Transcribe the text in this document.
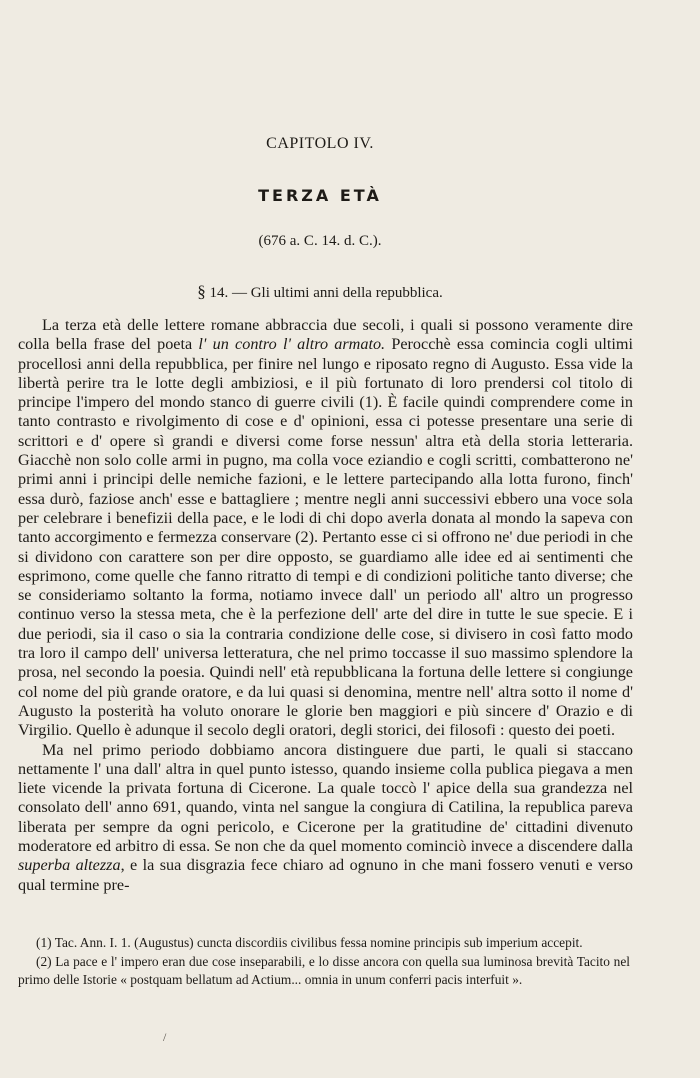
CAPITOLO IV.
TERZA ETÀ
(676 a. C. 14. d. C.).
§ 14. — Gli ultimi anni della repubblica.

La terza età delle lettere romane abbraccia due secoli, i quali si possono veramente dire colla bella frase del poeta l' un contro l' altro armato. Perocchè essa comincia cogli ultimi procellosi anni della repubblica, per finire nel lungo e riposato regno di Augusto. Essa vide la libertà perire tra le lotte degli ambiziosi, e il più fortunato di loro prendersi col titolo di principe l'impero del mondo stanco di guerre civili (1). È facile quindi comprendere come in tanto contrasto e rivolgimento di cose e d' opinioni, essa ci potesse presentare una serie di scrittori e d' opere sì grandi e diversi come forse nessun' altra età della storia letteraria. Giacchè non solo colle armi in pugno, ma colla voce eziandio e cogli scritti, combatterono ne' primi anni i principi delle nemiche fazioni, e le lettere partecipando alla lotta furono, finch' essa durò, faziose anch' esse e battagliere ; mentre negli anni successivi ebbero una voce sola per celebrare i benefizii della pace, e le lodi di chi dopo averla donata al mondo la sapeva con tanto accorgimento e fermezza conservare (2). Pertanto esse ci si offrono ne' due periodi in che si dividono con carattere son per dire opposto, se guardiamo alle idee ed ai sentimenti che esprimono, come quelle che fanno ritratto di tempi e di condizioni politiche tanto diverse; che se consideriamo soltanto la forma, notiamo invece dall' un periodo all' altro un progresso continuo verso la stessa meta, che è la perfezione dell' arte del dire in tutte le sue specie. E i due periodi, sia il caso o sia la contraria condizione delle cose, si divisero in così fatto modo tra loro il campo dell' universa letteratura, che nel primo toccasse il suo massimo splendore la prosa, nel secondo la poesia. Quindi nell' età repubblicana la fortuna delle lettere si congiunge col nome del più grande oratore, e da lui quasi si denomina, mentre nell' altra sotto il nome d' Augusto la posterità ha voluto onorare le glorie ben maggiori e più sincere d' Orazio e di Virgilio. Quello è adunque il secolo degli oratori, degli storici, dei filosofi : questo dei poeti.

Ma nel primo periodo dobbiamo ancora distinguere due parti, le quali si staccano nettamente l' una dall' altra in quel punto istesso, quando insieme colla publica piegava a men liete vicende la privata fortuna di Cicerone. La quale toccò l' apice della sua grandezza nel consolato dell' anno 691, quando, vinta nel sangue la congiura di Catilina, la republica pareva liberata per sempre da ogni pericolo, e Cicerone per la gratitudine de' cittadini divenuto moderatore ed arbitro di essa. Se non che da quel momento cominciò invece a discendere dalla superba altezza, e la sua disgrazia fece chiaro ad ognuno in che mani fossero venuti e verso qual termine pre-

(1) Tac. Ann. I. 1. (Augustus) cuncta discordiis civilibus fessa nomine principis sub imperium accepit.

(2) La pace e l' impero eran due cose inseparabili, e lo disse ancora con quella sua luminosa brevità Tacito nel primo delle Istorie « postquam bellatum ad Actium... omnia in unum conferri pacis interfuit ».

/
